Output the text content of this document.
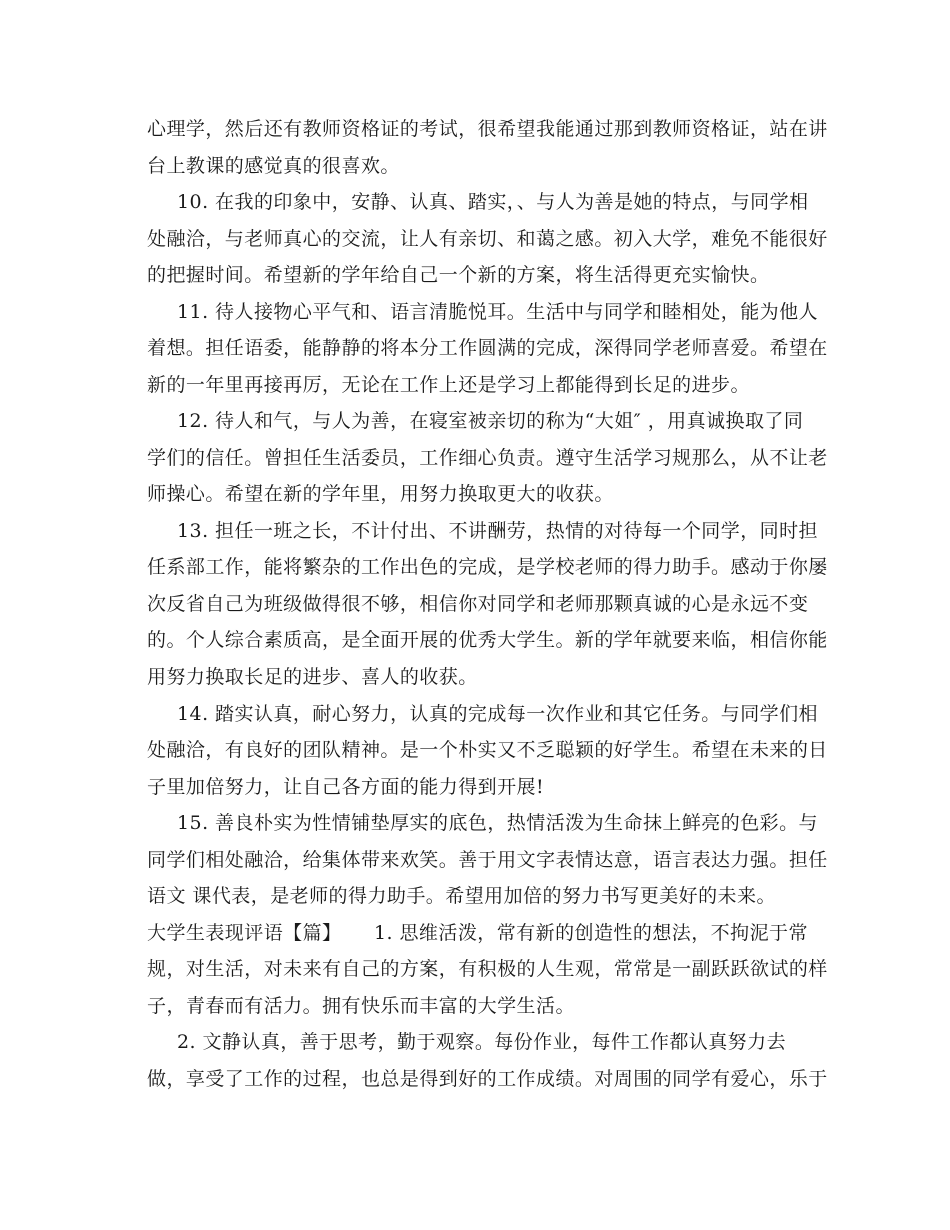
心理学，然后还有教师资格证的考试，很希望我能通过那到教师资格证，站在讲
台上教课的感觉真的很喜欢。
10. 在我的印象中，安静、认真、踏实，、与人为善是她的特点，与同学相
处融洽，与老师真心的交流，让人有亲切、和蔼之感。初入大学，难免不能很好
的把握时间。希望新的学年给自己一个新的方案，将生活得更充实愉快。
11. 待人接物心平气和、语言清脆悦耳。生活中与同学和睦相处，能为他人
着想。担任语委，能静静的将本分工作圆满的完成，深得同学老师喜爱。希望在
新的一年里再接再厉，无论在工作上还是学习上都能得到长足的进步。
12. 待人和气，与人为善，在寝室被亲切的称为“大姐″ ，用真诚换取了同
学们的信任。曾担任生活委员，工作细心负责。遵守生活学习规那么，从不让老
师操心。希望在新的学年里，用努力换取更大的收获。
13. 担任一班之长，不计付出、不讲酬劳，热情的对待每一个同学，同时担
任系部工作，能将繁杂的工作出色的完成，是学校老师的得力助手。感动于你屡
次反省自己为班级做得很不够，相信你对同学和老师那颗真诚的心是永远不变
的。个人综合素质高，是全面开展的优秀大学生。新的学年就要来临，相信你能
用努力换取长足的进步、喜人的收获。
14. 踏实认真，耐心努力，认真的完成每一次作业和其它任务。与同学们相
处融洽，有良好的团队精神。是一个朴实又不乏聪颖的好学生。希望在未来的日
子里加倍努力，让自己各方面的能力得到开展!
15. 善良朴实为性情铺垫厚实的底色，热情活泼为生命抹上鲜亮的色彩。与
同学们相处融洽，给集体带来欢笑。善于用文字表情达意，语言表达力强。担任
语文 课代表，是老师的得力助手。希望用加倍的努力书写更美好的未来。
大学生表现评语【篇】     1. 思维活泼，常有新的创造性的想法，不拘泥于常
规，对生活，对未来有自己的方案，有积极的人生观，常常是一副跃跃欲试的样
子，青春而有活力。拥有快乐而丰富的大学生活。
2. 文静认真，善于思考，勤于观察。每份作业，每件工作都认真努力去
做，享受了工作的过程，也总是得到好的工作成绩。对周围的同学有爱心，乐于
